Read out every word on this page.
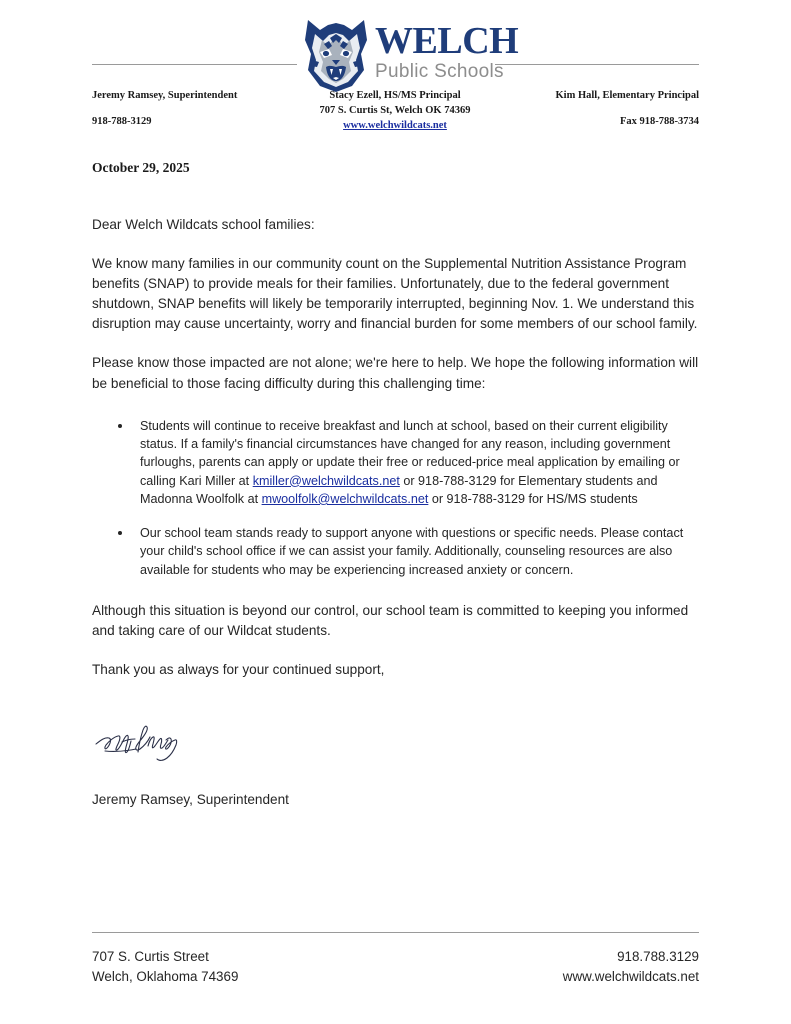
WELCH
Public Schools
Jeremy Ramsey, Superintendent
918-788-3129
Stacy Ezell, HS/MS Principal
707 S. Curtis St, Welch OK 74369
www.welchwildcats.net
Kim Hall, Elementary Principal
Fax 918-788-3734
October 29, 2025
Dear Welch Wildcats school families:
We know many families in our community count on the Supplemental Nutrition Assistance Program benefits (SNAP) to provide meals for their families. Unfortunately, due to the federal government shutdown, SNAP benefits will likely be temporarily interrupted, beginning Nov. 1. We understand this disruption may cause uncertainty, worry and financial burden for some members of our school family.
Please know those impacted are not alone; we're here to help. We hope the following information will be beneficial to those facing difficulty during this challenging time:
Students will continue to receive breakfast and lunch at school, based on their current eligibility status. If a family's financial circumstances have changed for any reason, including government furloughs, parents can apply or update their free or reduced-price meal application by emailing or calling Kari Miller at kmiller@welchwildcats.net or 918-788-3129 for Elementary students and Madonna Woolfolk at mwoolfolk@welchwildcats.net or 918-788-3129 for HS/MS students
Our school team stands ready to support anyone with questions or specific needs. Please contact your child's school office if we can assist your family. Additionally, counseling resources are also available for students who may be experiencing increased anxiety or concern.
Although this situation is beyond our control, our school team is committed to keeping you informed and taking care of our Wildcat students.
Thank you as always for your continued support,
Jeremy Ramsey, Superintendent
707 S. Curtis Street
Welch, Oklahoma 74369
918.788.3129
www.welchwildcats.net
